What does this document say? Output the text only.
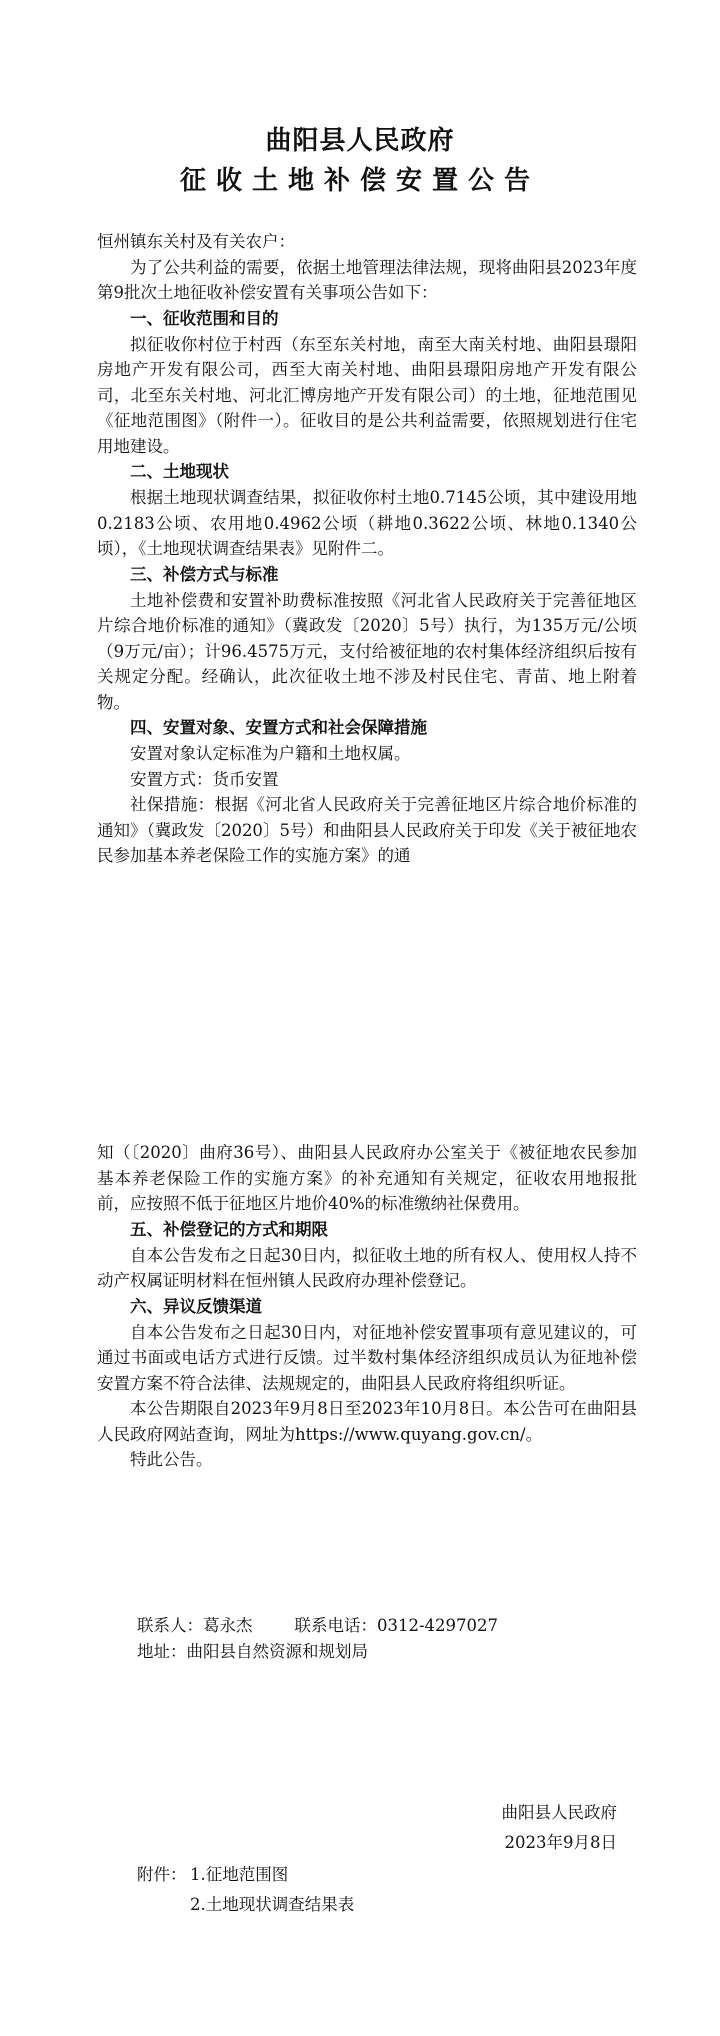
曲阳县人民政府
征收土地补偿安置公告

恒州镇东关村及有关农户：

为了公共利益的需要，依据土地管理法律法规，现将曲阳县2023年度第9批次土地征收补偿安置有关事项公告如下：

一、征收范围和目的

拟征收你村位于村西（东至东关村地，南至大南关村地、曲阳县璟阳房地产开发有限公司，西至大南关村地、曲阳县璟阳房地产开发有限公司，北至东关村地、河北汇博房地产开发有限公司）的土地，征地范围见《征地范围图》（附件一）。征收目的是公共利益需要，依照规划进行住宅用地建设。

二、土地现状

根据土地现状调查结果，拟征收你村土地0.7145公顷，其中建设用地0.2183公顷、农用地0.4962公顷（耕地0.3622公顷、林地0.1340公顷），《土地现状调查结果表》见附件二。

三、补偿方式与标准

土地补偿费和安置补助费标准按照《河北省人民政府关于完善征地区片综合地价标准的通知》（冀政发〔2020〕5号）执行，为135万元/公顷（9万元/亩）；计96.4575万元，支付给被征地的农村集体经济组织后按有关规定分配。经确认，此次征收土地不涉及村民住宅、青苗、地上附着物。

四、安置对象、安置方式和社会保障措施

安置对象认定标准为户籍和土地权属。

安置方式：货币安置

社保措施：根据《河北省人民政府关于完善征地区片综合地价标准的通知》（冀政发〔2020〕5号）和曲阳县人民政府关于印发《关于被征地农民参加基本养老保险工作的实施方案》的通

知（〔2020〕曲府36号）、曲阳县人民政府办公室关于《被征地农民参加基本养老保险工作的实施方案》的补充通知有关规定，征收农用地报批前，应按照不低于征地区片地价40%的标准缴纳社保费用。

五、补偿登记的方式和期限

自本公告发布之日起30日内，拟征收土地的所有权人、使用权人持不动产权属证明材料在恒州镇人民政府办理补偿登记。

六、异议反馈渠道

自本公告发布之日起30日内，对征地补偿安置事项有意见建议的，可通过书面或电话方式进行反馈。过半数村集体经济组织成员认为征地补偿安置方案不符合法律、法规规定的，曲阳县人民政府将组织听证。

本公告期限自2023年9月8日至2023年10月8日。本公告可在曲阳县人民政府网站查询，网址为https://www.quyang.gov.cn/。

特此公告。

联系人：葛永杰        联系电话：0312-4297027
地址：曲阳县自然资源和规划局
曲阳县人民政府
2023年9月8日
附件： 1.征地范围图
2.土地现状调查结果表
